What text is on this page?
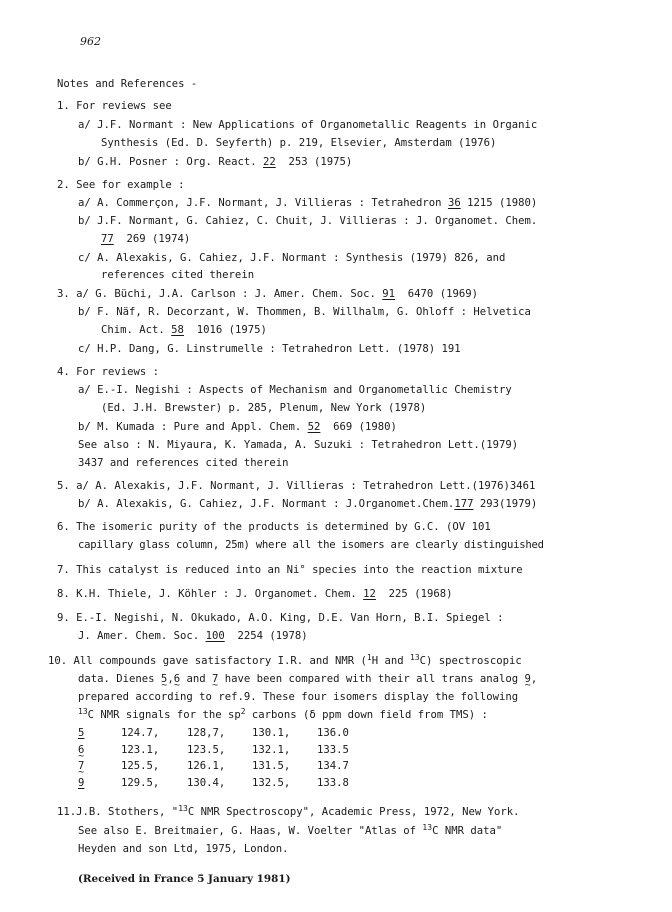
962
Notes and References -
1. For reviews see
a/ J.F. Normant : New Applications of Organometallic Reagents in Organic
Synthesis (Ed. D. Seyferth) p. 219, Elsevier, Amsterdam (1976)
b/ G.H. Posner : Org. React. 22  253 (1975)
2. See for example :
a/ A. Commerçon, J.F. Normant, J. Villieras : Tetrahedron 36 1215 (1980)
b/ J.F. Normant, G. Cahiez, C. Chuit, J. Villieras : J. Organomet. Chem.
77  269 (1974)
c/ A. Alexakis, G. Cahiez, J.F. Normant : Synthesis (1979) 826, and
references cited therein
3. a/ G. Büchi, J.A. Carlson : J. Amer. Chem. Soc. 91  6470 (1969)
b/ F. Näf, R. Decorzant, W. Thommen, B. Willhalm, G. Ohloff : Helvetica
Chim. Act. 58  1016 (1975)
c/ H.P. Dang, G. Linstrumelle : Tetrahedron Lett. (1978) 191
4. For reviews :
a/ E.-I. Negishi : Aspects of Mechanism and Organometallic Chemistry
(Ed. J.H. Brewster) p. 285, Plenum, New York (1978)
b/ M. Kumada : Pure and Appl. Chem. 52  669 (1980)
See also : N. Miyaura, K. Yamada, A. Suzuki : Tetrahedron Lett.(1979)
3437 and references cited therein
5. a/ A. Alexakis, J.F. Normant, J. Villieras : Tetrahedron Lett.(1976)3461
b/ A. Alexakis, G. Cahiez, J.F. Normant : J.Organomet.Chem.177 293(1979)
6. The isomeric purity of the products is determined by G.C. (OV 101
capillary glass column, 25m) where all the isomers are clearly distinguished
7. This catalyst is reduced into an Ni° species into the reaction mixture
8. K.H. Thiele, J. Köhler : J. Organomet. Chem. 12  225 (1968)
9. E.-I. Negishi, N. Okukado, A.O. King, D.E. Van Horn, B.I. Spiegel :
J. Amer. Chem. Soc. 100  2254 (1978)
10. All compounds gave satisfactory I.R. and NMR ($^1$H and $^{13}$C) spectroscopic
data. Dienes 5 ~,6 ~ and 7 ~ have been compared with their all trans analog 9 ~,
prepared according to ref.9. These four isomers display the following
$^{13}$C NMR signals for the $sp^2$ carbons (δ ppm down field from TMS) :
5	124.7,	128,7,	130.1,	136.0
6 ~	123.1,	123.5,	132.1,	133.5
7 ~	125.5,	126.1,	131.5,	134.7
9	129.5,	130.4,	132.5,	133.8
11.J.B. Stothers, "$^{13}$C NMR Spectroscopy", Academic Press, 1972, New York.
See also E. Breitmaier, G. Haas, W. Voelter "Atlas of $^{13}$C NMR data"
Heyden and son Ltd, 1975, London.
(Received in France 5 January 1981)
